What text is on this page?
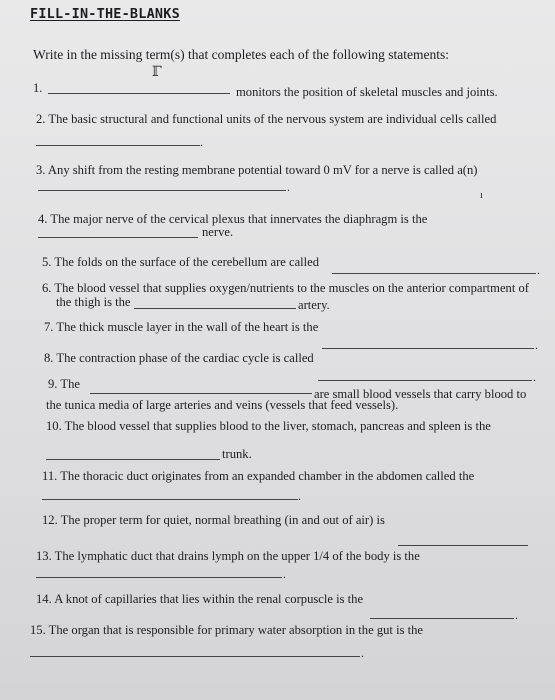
FILL-IN-THE-BLANKS
Write in the missing term(s) that completes each of the following statements:
ℾ
1.	monitors the position of skeletal muscles and joints.
2. The basic structural and functional units of the nervous system are individual cells called
.
3. Any shift from the resting membrane potential toward 0 mV for a nerve is called a(n)
.
ı
4. The major nerve of the cervical plexus that innervates the diaphragm is the
nerve.
5. The folds on the surface of the cerebellum are called
.
6. The blood vessel that supplies oxygen/nutrients to the muscles on the anterior compartment of
the thigh is the	artery.
7. The thick muscle layer in the wall of the heart is the
.
8. The contraction phase of the cardiac cycle is called
.
9. The
are small blood vessels that carry blood to
the tunica media of large arteries and veins (vessels that feed vessels).
10. The blood vessel that supplies blood to the liver, stomach, pancreas and spleen is the
trunk.
11. The thoracic duct originates from an expanded chamber in the abdomen called the
.
12. The proper term for quiet, normal breathing (in and out of air) is
13. The lymphatic duct that drains lymph on the upper 1/4 of the body is the
.
14. A knot of capillaries that lies within the renal corpuscle is the
.
15. The organ that is responsible for primary water absorption in the gut is the
.
